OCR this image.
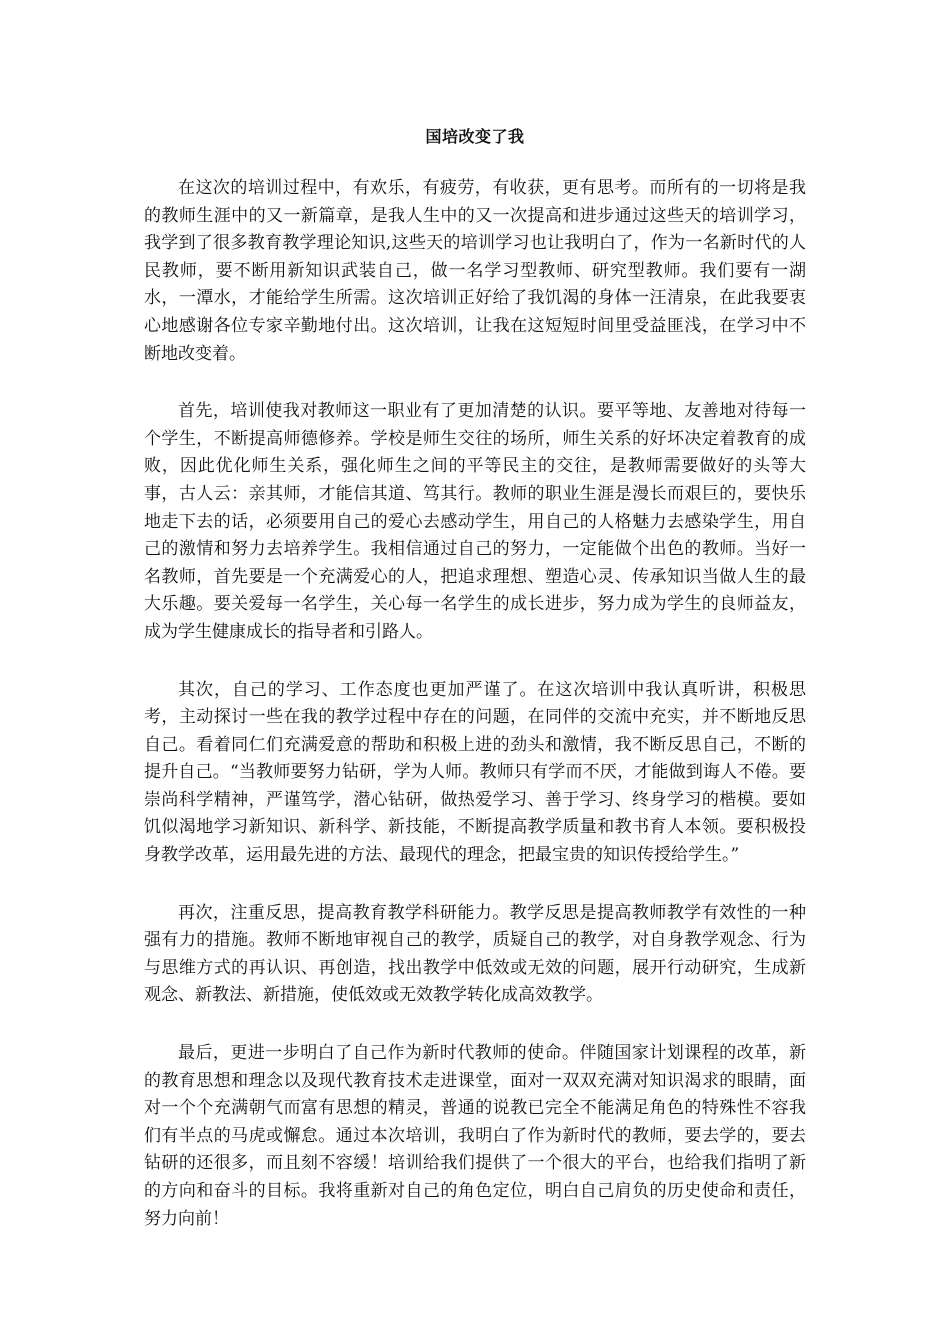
国培改变了我

在这次的培训过程中，有欢乐，有疲劳，有收获，更有思考。而所有的一切将是我的教师生涯中的又一新篇章，是我人生中的又一次提高和进步通过这些天的培训学习，我学到了很多教育教学理论知识,这些天的培训学习也让我明白了，作为一名新时代的人民教师，要不断用新知识武装自己，做一名学习型教师、研究型教师。我们要有一湖水，一潭水，才能给学生所需。这次培训正好给了我饥渴的身体一汪清泉，在此我要衷心地感谢各位专家辛勤地付出。这次培训，让我在这短短时间里受益匪浅，在学习中不断地改变着。

首先，培训使我对教师这一职业有了更加清楚的认识。要平等地、友善地对待每一个学生，不断提高师德修养。学校是师生交往的场所，师生关系的好坏决定着教育的成败，因此优化师生关系，强化师生之间的平等民主的交往，是教师需要做好的头等大事，古人云：亲其师，才能信其道、笃其行。教师的职业生涯是漫长而艰巨的，要快乐地走下去的话，必须要用自己的爱心去感动学生，用自己的人格魅力去感染学生，用自己的激情和努力去培养学生。我相信通过自己的努力，一定能做个出色的教师。当好一名教师，首先要是一个充满爱心的人，把追求理想、塑造心灵、传承知识当做人生的最大乐趣。要关爱每一名学生，关心每一名学生的成长进步，努力成为学生的良师益友，成为学生健康成长的指导者和引路人。

其次，自己的学习、工作态度也更加严谨了。在这次培训中我认真听讲，积极思考，主动探讨一些在我的教学过程中存在的问题，在同伴的交流中充实，并不断地反思自己。看着同仁们充满爱意的帮助和积极上进的劲头和激情，我不断反思自己，不断的提升自己。“当教师要努力钻研，学为人师。教师只有学而不厌，才能做到诲人不倦。要崇尚科学精神，严谨笃学，潜心钻研，做热爱学习、善于学习、终身学习的楷模。要如饥似渴地学习新知识、新科学、新技能，不断提高教学质量和教书育人本领。要积极投身教学改革，运用最先进的方法、最现代的理念，把最宝贵的知识传授给学生。”

再次，注重反思，提高教育教学科研能力。教学反思是提高教师教学有效性的一种强有力的措施。教师不断地审视自己的教学，质疑自己的教学，对自身教学观念、行为与思维方式的再认识、再创造，找出教学中低效或无效的问题，展开行动研究，生成新观念、新教法、新措施，使低效或无效教学转化成高效教学。

最后，更进一步明白了自己作为新时代教师的使命。伴随国家计划课程的改革，新的教育思想和理念以及现代教育技术走进课堂，面对一双双充满对知识渴求的眼睛，面对一个个充满朝气而富有思想的精灵，普通的说教已完全不能满足角色的特殊性不容我们有半点的马虎或懈怠。通过本次培训，我明白了作为新时代的教师，要去学的，要去钻研的还很多，而且刻不容缓！培训给我们提供了一个很大的平台，也给我们指明了新的方向和奋斗的目标。我将重新对自己的角色定位，明白自己肩负的历史使命和责任，努力向前！
